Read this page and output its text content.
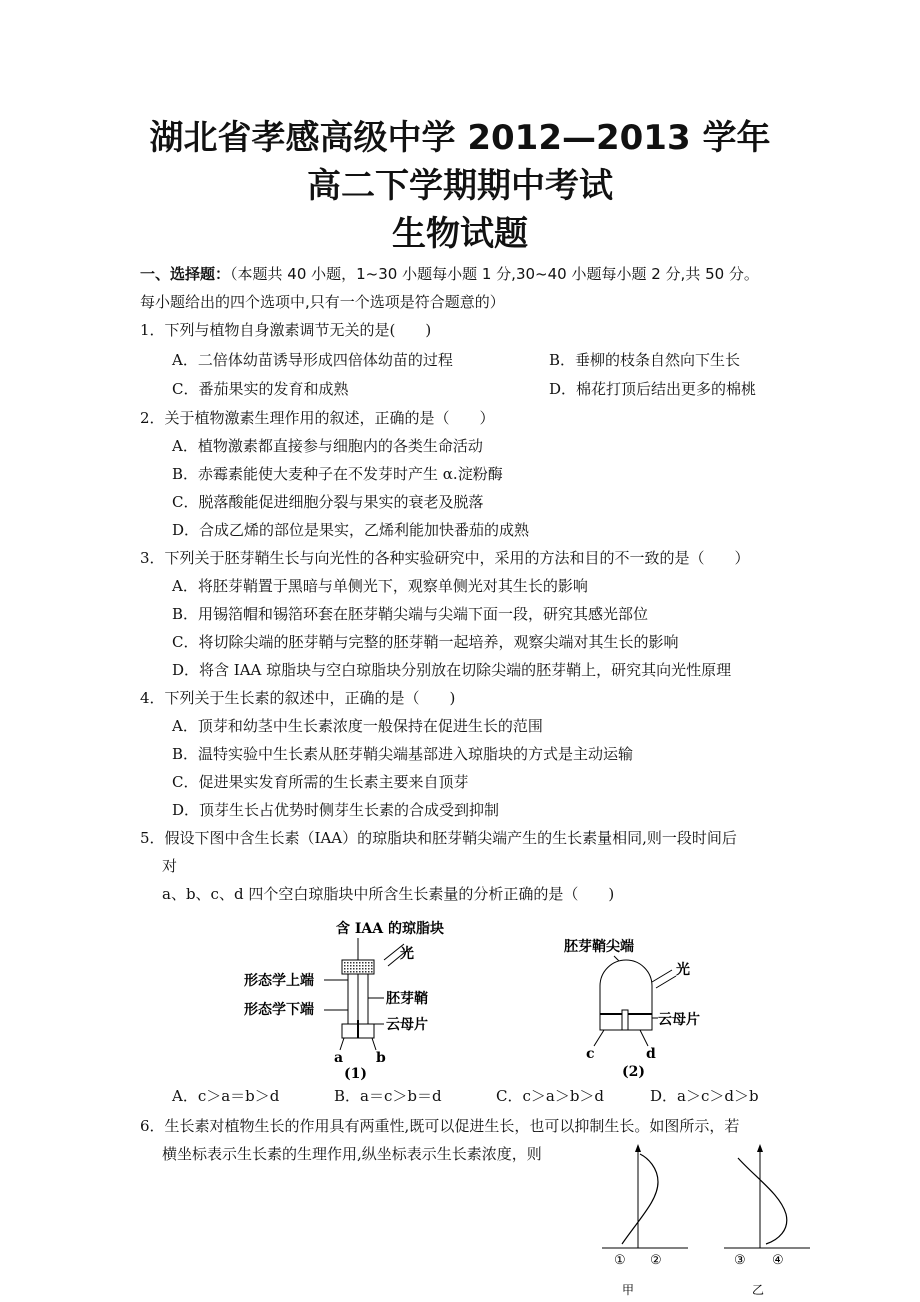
湖北省孝感高级中学 2012—2013 学年
高二下学期期中考试
生物试题
一、选择题：（本题共 40 小题，1~30 小题每小题 1 分,30~40 小题每小题 2 分,共 50 分。
每小题给出的四个选项中,只有一个选项是符合题意的）
1．下列与植物自身激素调节无关的是(　　)
A．二倍体幼苗诱导形成四倍体幼苗的过程	B．垂柳的枝条自然向下生长
C．番茄果实的发育和成熟	D．棉花打顶后结出更多的棉桃
2．关于植物激素生理作用的叙述，正确的是（　　）
A．植物激素都直接参与细胞内的各类生命活动
B．赤霉素能使大麦种子在不发芽时产生 α.淀粉酶
C．脱落酸能促进细胞分裂与果实的衰老及脱落
D．合成乙烯的部位是果实，乙烯利能加快番茄的成熟
3．下列关于胚芽鞘生长与向光性的各种实验研究中，采用的方法和目的不一致的是（　　）
A．将胚芽鞘置于黑暗与单侧光下，观察单侧光对其生长的影响
B．用锡箔帽和锡箔环套在胚芽鞘尖端与尖端下面一段，研究其感光部位
C．将切除尖端的胚芽鞘与完整的胚芽鞘一起培养，观察尖端对其生长的影响
D．将含 IAA 琼脂块与空白琼脂块分别放在切除尖端的胚芽鞘上，研究其向光性原理
4．下列关于生长素的叙述中，正确的是（　　)
A．顶芽和幼茎中生长素浓度一般保持在促进生长的范围
B．温特实验中生长素从胚芽鞘尖端基部进入琼脂块的方式是主动运输
C．促进果实发育所需的生长素主要来自顶芽
D．顶芽生长占优势时侧芽生长素的合成受到抑制
5．假设下图中含生长素（IAA）的琼脂块和胚芽鞘尖端产生的生长素量相同,则一段时间后
对
a、b、c、d 四个空白琼脂块中所含生长素量的分析正确的是（　　)
含 IAA 的琼脂块
光
形态学上端
形态学下端
胚芽鞘
云母片
a b
(1)
胚芽鞘尖端
光
云母片
c	d
(2)
A．c＞a＝b＞d	B．a＝c＞b＝d	C．c＞a＞b＞d	D．a＞c＞d＞b
6．生长素对植物生长的作用具有两重性,既可以促进生长，也可以抑制生长。如图所示，若
横坐标表示生长素的生理作用,纵坐标表示生长素浓度，则
① ②
甲
③ ④
乙
